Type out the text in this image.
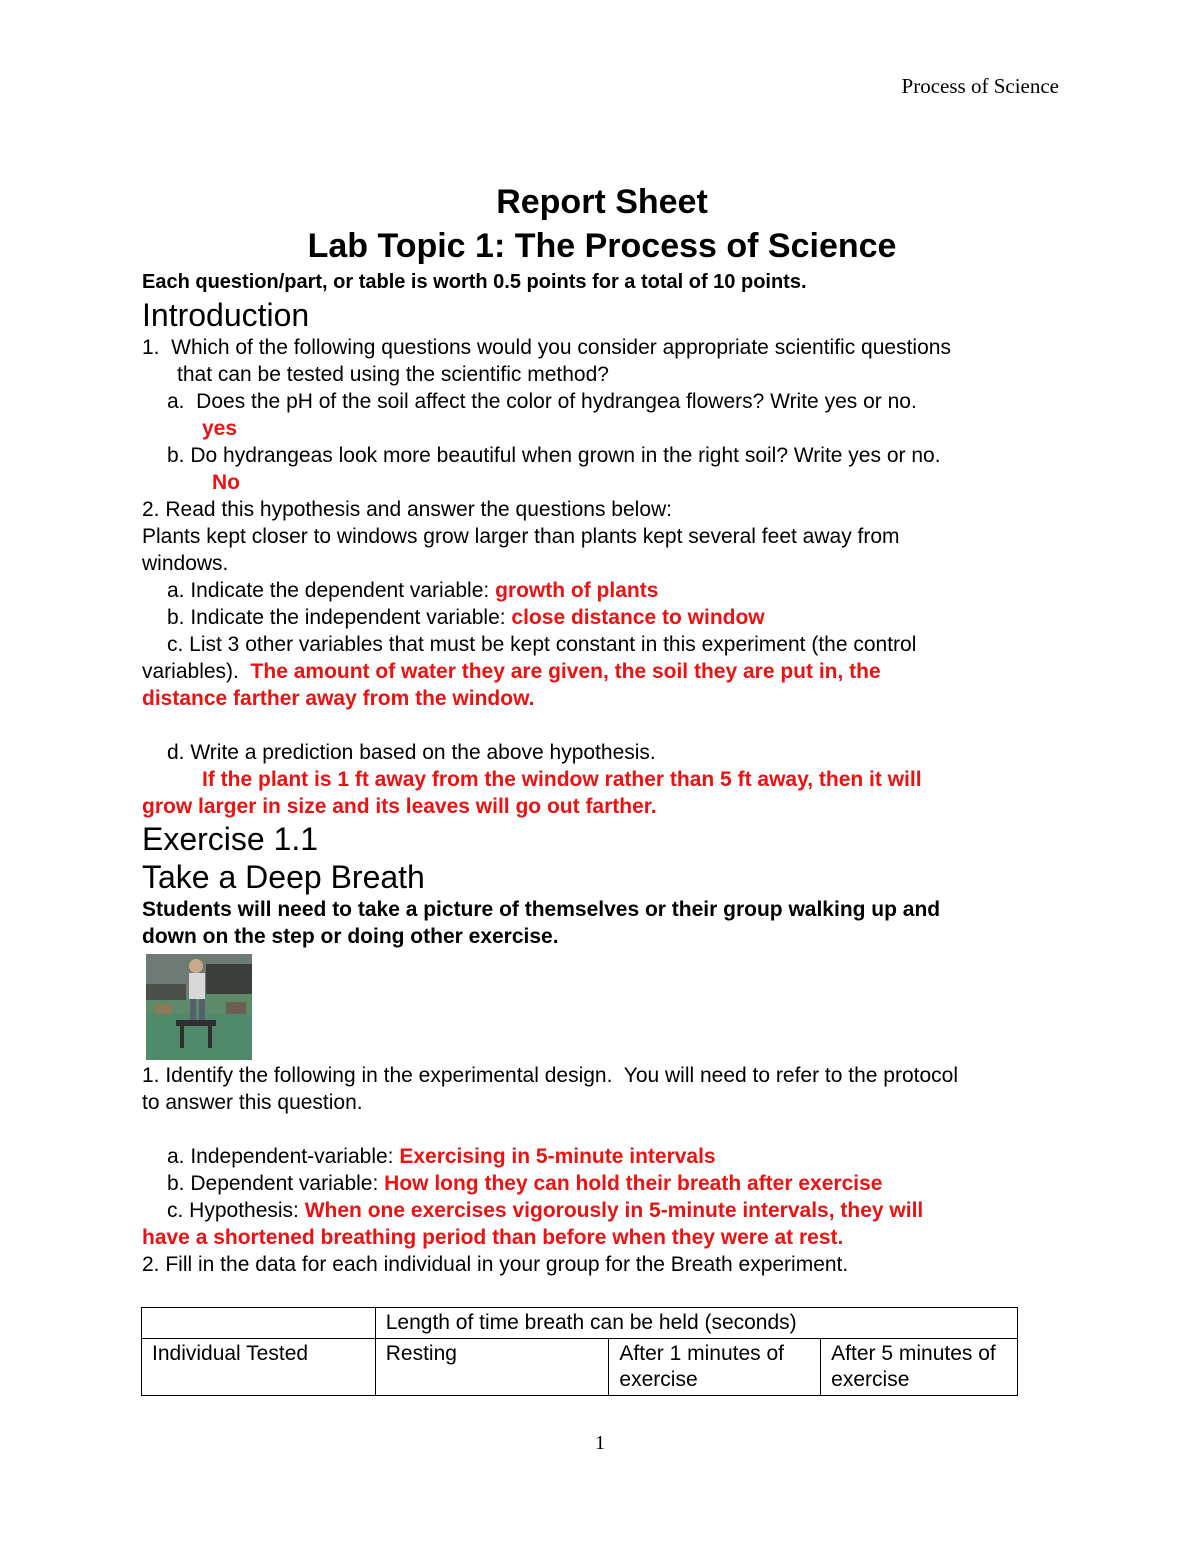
Process of Science

Report Sheet

Lab Topic 1: The Process of Science

Each question/part, or table is worth 0.5 points for a total of 10 points.

Introduction

1.  Which of the following questions would you consider appropriate scientific questions

that can be tested using the scientific method?

a.  Does the pH of the soil affect the color of hydrangea flowers? Write yes or no.

yes

b. Do hydrangeas look more beautiful when grown in the right soil? Write yes or no.

No

2. Read this hypothesis and answer the questions below:

Plants kept closer to windows grow larger than plants kept several feet away from

windows.

a. Indicate the dependent variable: growth of plants

b. Indicate the independent variable: close distance to window

c. List 3 other variables that must be kept constant in this experiment (the control

variables).  The amount of water they are given, the soil they are put in, the

distance farther away from the window.

d. Write a prediction based on the above hypothesis.

If the plant is 1 ft away from the window rather than 5 ft away, then it will

grow larger in size and its leaves will go out farther.

Exercise 1.1

Take a Deep Breath

Students will need to take a picture of themselves or their group walking up and

down on the step or doing other exercise.

1. Identify the following in the experimental design.  You will need to refer to the protocol

to answer this question.

a. Independent-variable: Exercising in 5-minute intervals

b. Dependent variable: How long they can hold their breath after exercise

c. Hypothesis: When one exercises vigorously in 5-minute intervals, they will

have a shortened breathing period than before when they were at rest.

2. Fill in the data for each individual in your group for the Breath experiment.

	Length of time breath can be held (seconds)		
Individual Tested	Resting	After 1 minutes of exercise	After 5 minutes of exercise
1
